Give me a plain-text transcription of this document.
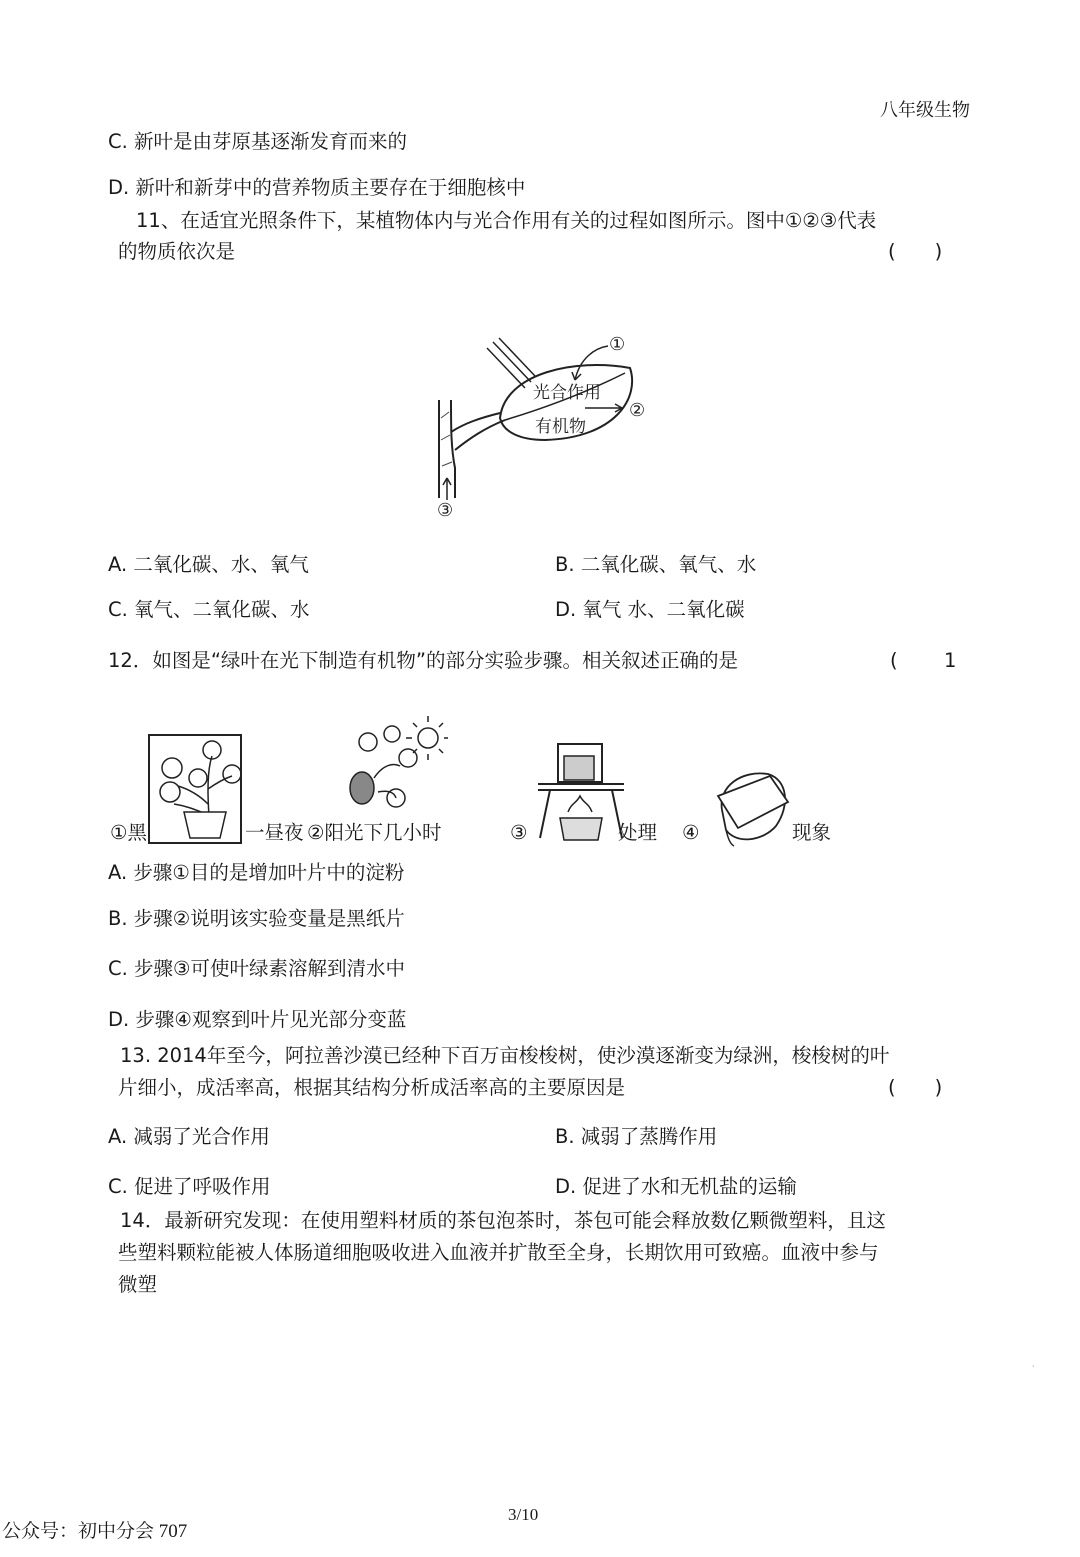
八年级生物
C. 新叶是由芽原基逐渐发育而来的
D. 新叶和新芽中的营养物质主要存在于细胞核中
11、在适宜光照条件下，某植物体内与光合作用有关的过程如图所示。图中①②③代表
的物质依次是	(　　)
光合作用
有机物
①
②
③
A. 二氧化碳、水、氧气	B. 二氧化碳、氧气、水
C. 氧气、二氧化碳、水	D. 氧气 水、二氧化碳
12．如图是“绿叶在光下制造有机物”的部分实验步骤。相关叙述正确的是	( 1
①黑	一昼夜 ②阳光下几小时	③	处理 ④	现象
A. 步骤①目的是增加叶片中的淀粉
B. 步骤②说明该实验变量是黑纸片
C. 步骤③可使叶绿素溶解到清水中
D. 步骤④观察到叶片见光部分变蓝
13. 2014年至今，阿拉善沙漠已经种下百万亩梭梭树，使沙漠逐渐变为绿洲，梭梭树的叶
片细小，成活率高，根据其结构分析成活率高的主要原因是	(　　)
A. 减弱了光合作用	B. 减弱了蒸腾作用
C. 促进了呼吸作用	D. 促进了水和无机盐的运输
14．最新研究发现：在使用塑料材质的茶包泡茶时，茶包可能会释放数亿颗微塑料，且这
些塑料颗粒能被人体肠道细胞吸收进入血液并扩散至全身，长期饮用可致癌。血液中参与
微塑
·
3/10
公众号：初中分会 707
